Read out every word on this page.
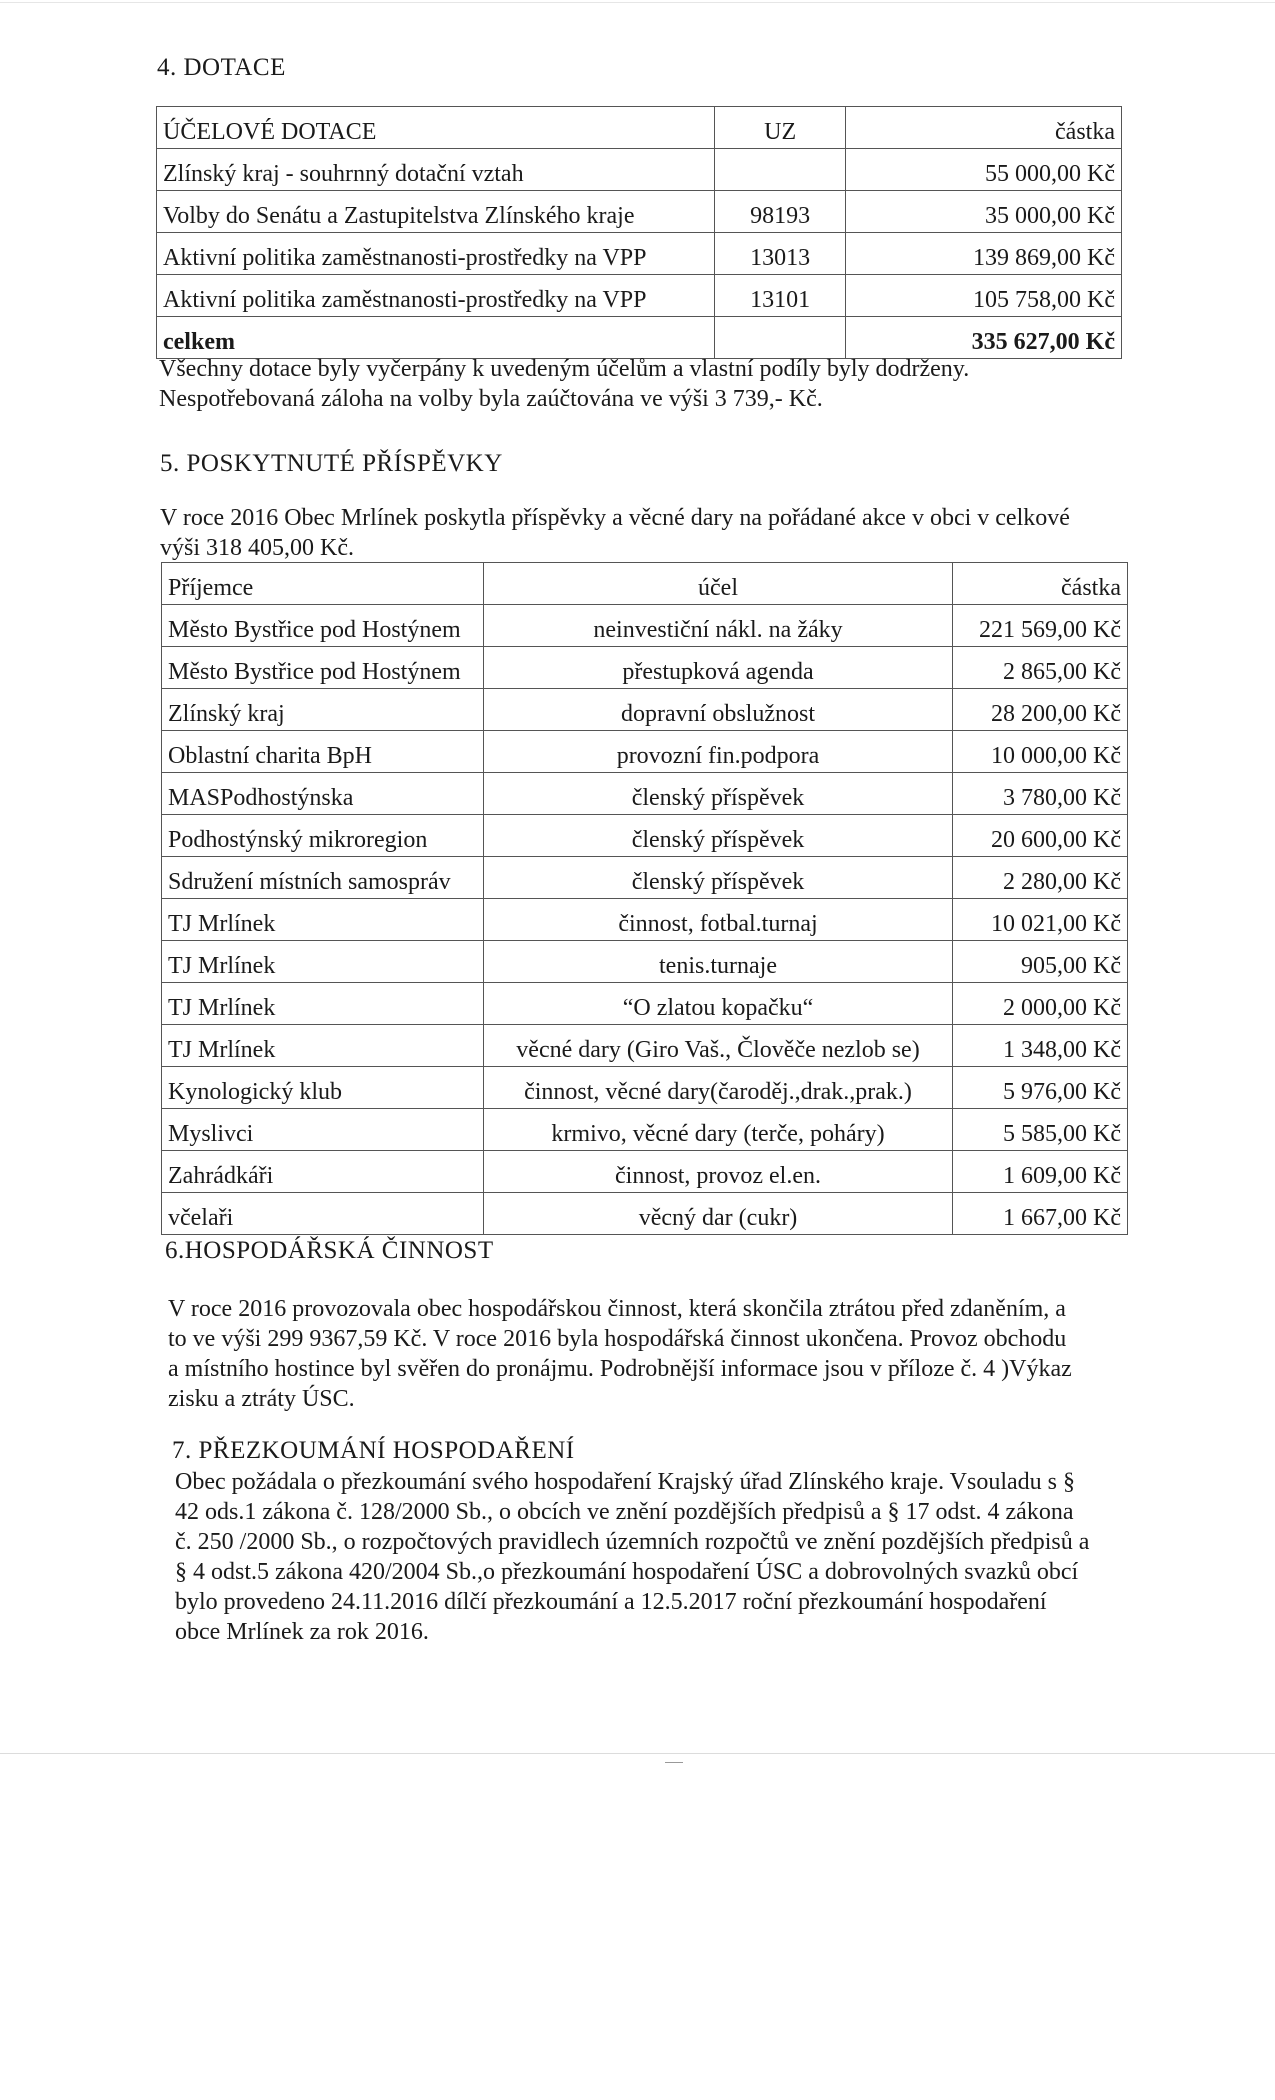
4. DOTACE
ÚČELOVÉ DOTACE	UZ	částka
Zlínský kraj - souhrnný dotační vztah		55 000,00 Kč
Volby do Senátu a Zastupitelstva Zlínského kraje	98193	35 000,00 Kč
Aktivní politika zaměstnanosti-prostředky na VPP	13013	139 869,00 Kč
Aktivní politika zaměstnanosti-prostředky na VPP	13101	105 758,00 Kč
celkem		335 627,00 Kč
Všechny dotace byly vyčerpány k uvedeným účelům a vlastní podíly byly dodrženy.
Nespotřebovaná záloha na volby byla zaúčtována ve výši 3 739,- Kč.
5. POSKYTNUTÉ PŘÍSPĚVKY
V roce 2016 Obec Mrlínek poskytla příspěvky a věcné dary na pořádané akce v obci v celkové
výši 318 405,00 Kč.
Příjemce	účel	částka
Město Bystřice pod Hostýnem	neinvestiční nákl. na žáky	221 569,00 Kč
Město Bystřice pod Hostýnem	přestupková agenda	2 865,00 Kč
Zlínský kraj	dopravní obslužnost	28 200,00 Kč
Oblastní charita BpH	provozní fin.podpora	10 000,00 Kč
MASPodhostýnska	členský příspěvek	3 780,00 Kč
Podhostýnský mikroregion	členský příspěvek	20 600,00 Kč
Sdružení místních samospráv	členský příspěvek	2 280,00 Kč
TJ Mrlínek	činnost, fotbal.turnaj	10 021,00 Kč
TJ Mrlínek	tenis.turnaje	905,00 Kč
TJ Mrlínek	“O zlatou kopačku“	2 000,00 Kč
TJ Mrlínek	věcné dary (Giro Vaš., Člověče nezlob se)	1 348,00 Kč
Kynologický klub	činnost, věcné dary(čaroděj.,drak.,prak.)	5 976,00 Kč
Myslivci	krmivo, věcné dary (terče, poháry)	5 585,00 Kč
Zahrádkáři	činnost, provoz el.en.	1 609,00 Kč
včelaři	věcný dar (cukr)	1 667,00 Kč
6.HOSPODÁŘSKÁ ČINNOST
V roce 2016 provozovala obec hospodářskou činnost, která skončila ztrátou před zdaněním, a
to ve výši 299 9367,59 Kč. V roce 2016 byla hospodářská činnost ukončena. Provoz obchodu
a místního hostince byl svěřen do pronájmu. Podrobnější informace jsou v příloze č. 4 )Výkaz
zisku a ztráty ÚSC.
7. PŘEZKOUMÁNÍ HOSPODAŘENÍ
Obec požádala o přezkoumání svého hospodaření Krajský úřad Zlínského kraje. Vsouladu s §
42 ods.1 zákona č. 128/2000 Sb., o obcích ve znění pozdějších předpisů a § 17 odst. 4 zákona
č. 250 /2000 Sb., o rozpočtových pravidlech územních rozpočtů ve znění pozdějších předpisů a
§ 4 odst.5 zákona 420/2004 Sb.,o přezkoumání hospodaření ÚSC a dobrovolných svazků obcí
bylo provedeno 24.11.2016 dílčí přezkoumání a 12.5.2017 roční přezkoumání hospodaření
obce Mrlínek za rok 2016.
